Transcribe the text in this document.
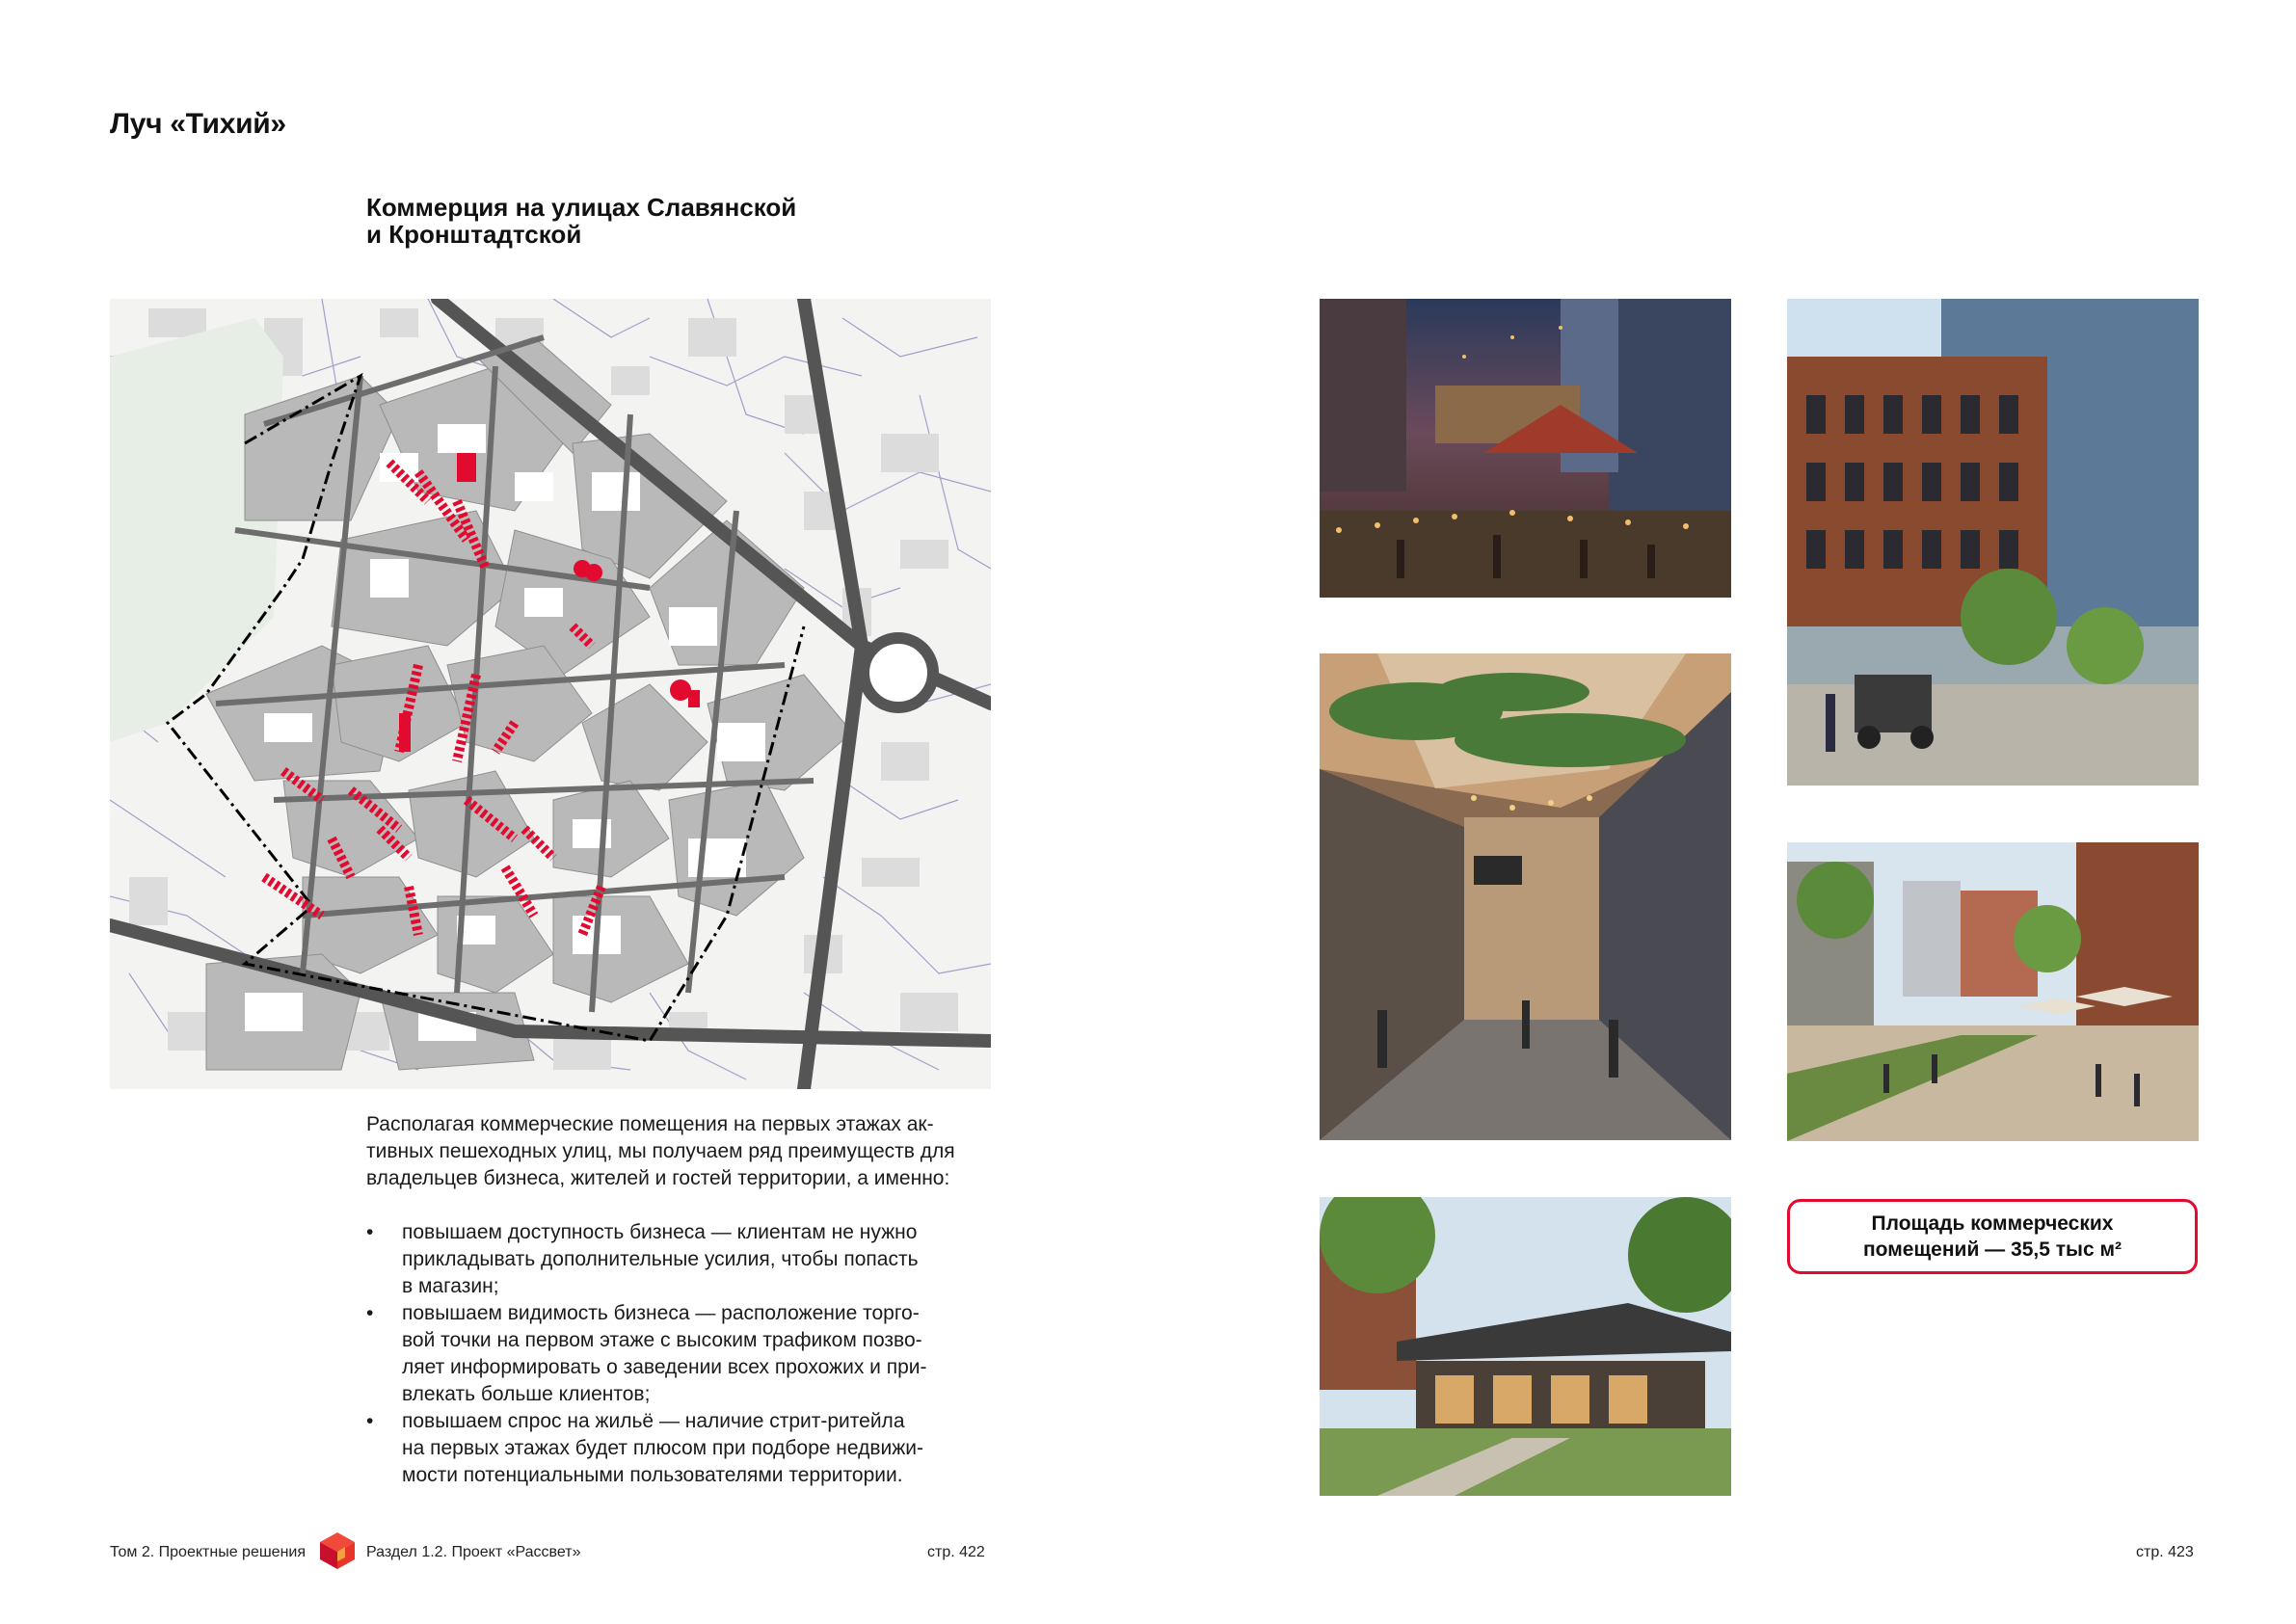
Луч «Тихий»
Коммерция на улицах Славянской
и Кронштадтской
Располагая коммерческие помещения на первых этажах ак-
тивных пешеходных улиц, мы получаем ряд преимуществ для
владельцев бизнеса, жителей и гостей территории, а именно:
• повышаем доступность бизнеса — клиентам не нужно
прикладывать дополнительные усилия, чтобы попасть
в магазин;
• повышаем видимость бизнеса — расположение торго-
вой точки на первом этаже с высоким трафиком позво-
ляет информировать о заведении всех прохожих и при-
влекать больше клиентов;
• повышаем спрос на жильё — наличие стрит-ритейла
на первых этажах будет плюсом при подборе недвижи-
мости потенциальными пользователями территории.
Площадь коммерческих
помещений — 35,5 тыс м²
Том 2. Проектные решения	Раздел 1.2. Проект «Рассвет»	стр. 422	стр. 423
